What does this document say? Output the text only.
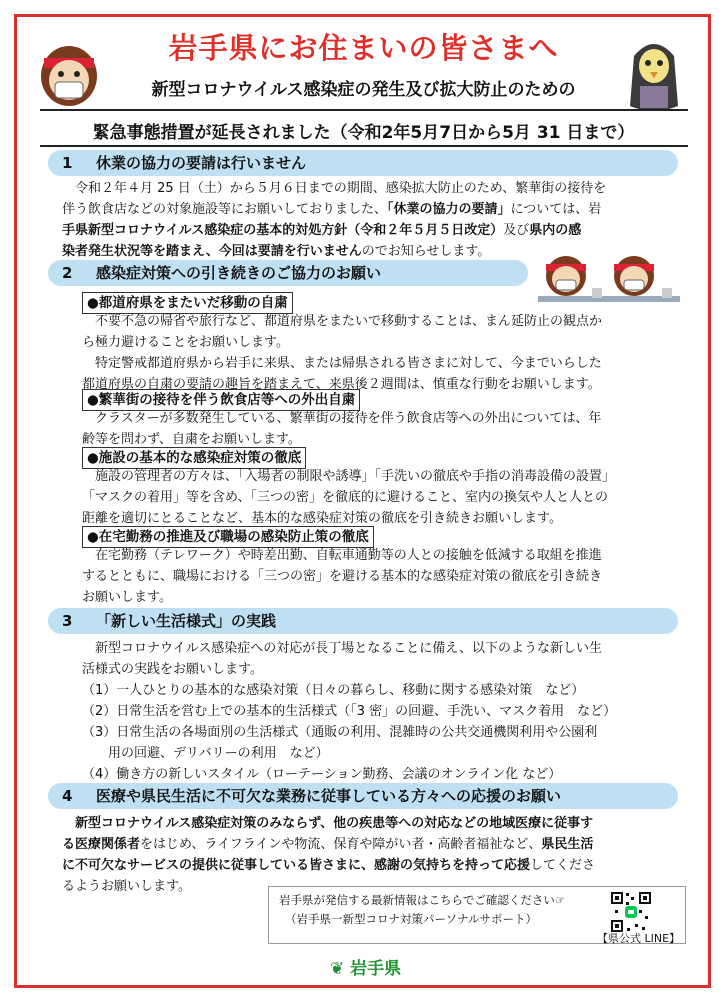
岩手県にお住まいの皆さまへ
新型コロナウイルス感染症の発生及び拡大防止のための
緊急事態措置が延長されました（令和2年5月7日から5月 31 日まで）
1 休業の協力の要請は行いません
　令和２年４月 25 日（土）から５月６日までの期間、感染拡大防止のため、繁華街の接待を
伴う飲食店などの対象施設等にお願いしておりました、「休業の協力の要請」については、岩
手県新型コロナウイルス感染症の基本的対処方針（令和２年５月５日改定）及び県内の感
染者発生状況等を踏まえ、今回は要請を行いませんのでお知らせします。
2 感染症対策への引き続きのご協力のお願い
●都道府県をまたいだ移動の自粛
不要不急の帰省や旅行など、都道府県をまたいで移動することは、まん延防止の観点か
ら極力避けることをお願いします。
　特定警戒都道府県から岩手に来県、または帰県される皆さまに対して、今までいらした
都道府県の自粛の要請の趣旨を踏まえて、来県後２週間は、慎重な行動をお願いします。
●繁華街の接待を伴う飲食店等への外出自粛
クラスターが多数発生している、繁華街の接待を伴う飲食店等への外出については、年
齢等を問わず、自粛をお願いします。
●施設の基本的な感染症対策の徹底
施設の管理者の方々は、「入場者の制限や誘導」「手洗いの徹底や手指の消毒設備の設置」
「マスクの着用」等を含め、「三つの密」を徹底的に避けること、室内の換気や人と人との
距離を適切にとることなど、基本的な感染症対策の徹底を引き続きお願いします。
●在宅勤務の推進及び職場の感染防止策の徹底
在宅勤務（テレワーク）や時差出勤、自転車通勤等の人との接触を低減する取組を推進
するとともに、職場における「三つの密」を避ける基本的な感染症対策の徹底を引き続き
お願いします。
3 「新しい生活様式」の実践
新型コロナウイルス感染症への対応が長丁場となることに備え、以下のような新しい生
活様式の実践をお願いします。
（1）一人ひとりの基本的な感染対策（日々の暮らし、移動に関する感染対策　など）
（2）日常生活を営む上での基本的生活様式（「3 密」の回避、手洗い、マスク着用　など）
（3）日常生活の各場面別の生活様式（通販の利用、混雑時の公共交通機関利用や公園利
　　用の回避、デリバリーの利用　など）
（4）働き方の新しいスタイル（ローテーション勤務、会議のオンライン化 など）
4 医療や県民生活に不可欠な業務に従事している方々への応援のお願い
　新型コロナウイルス感染症対策のみならず、他の疾患等への対応などの地域医療に従事す
る医療関係者をはじめ、ライフラインや物流、保育や障がい者・高齢者福祉など、県民生活
に不可欠なサービスの提供に従事している皆さまに、感謝の気持ちを持って応援してくださ
るようお願いします。
岩手県が発信する最新情報はこちらでご確認ください☞
（岩手県一新型コロナ対策パーソナルサポート）
【県公式 LINE】
❦ 岩手県
